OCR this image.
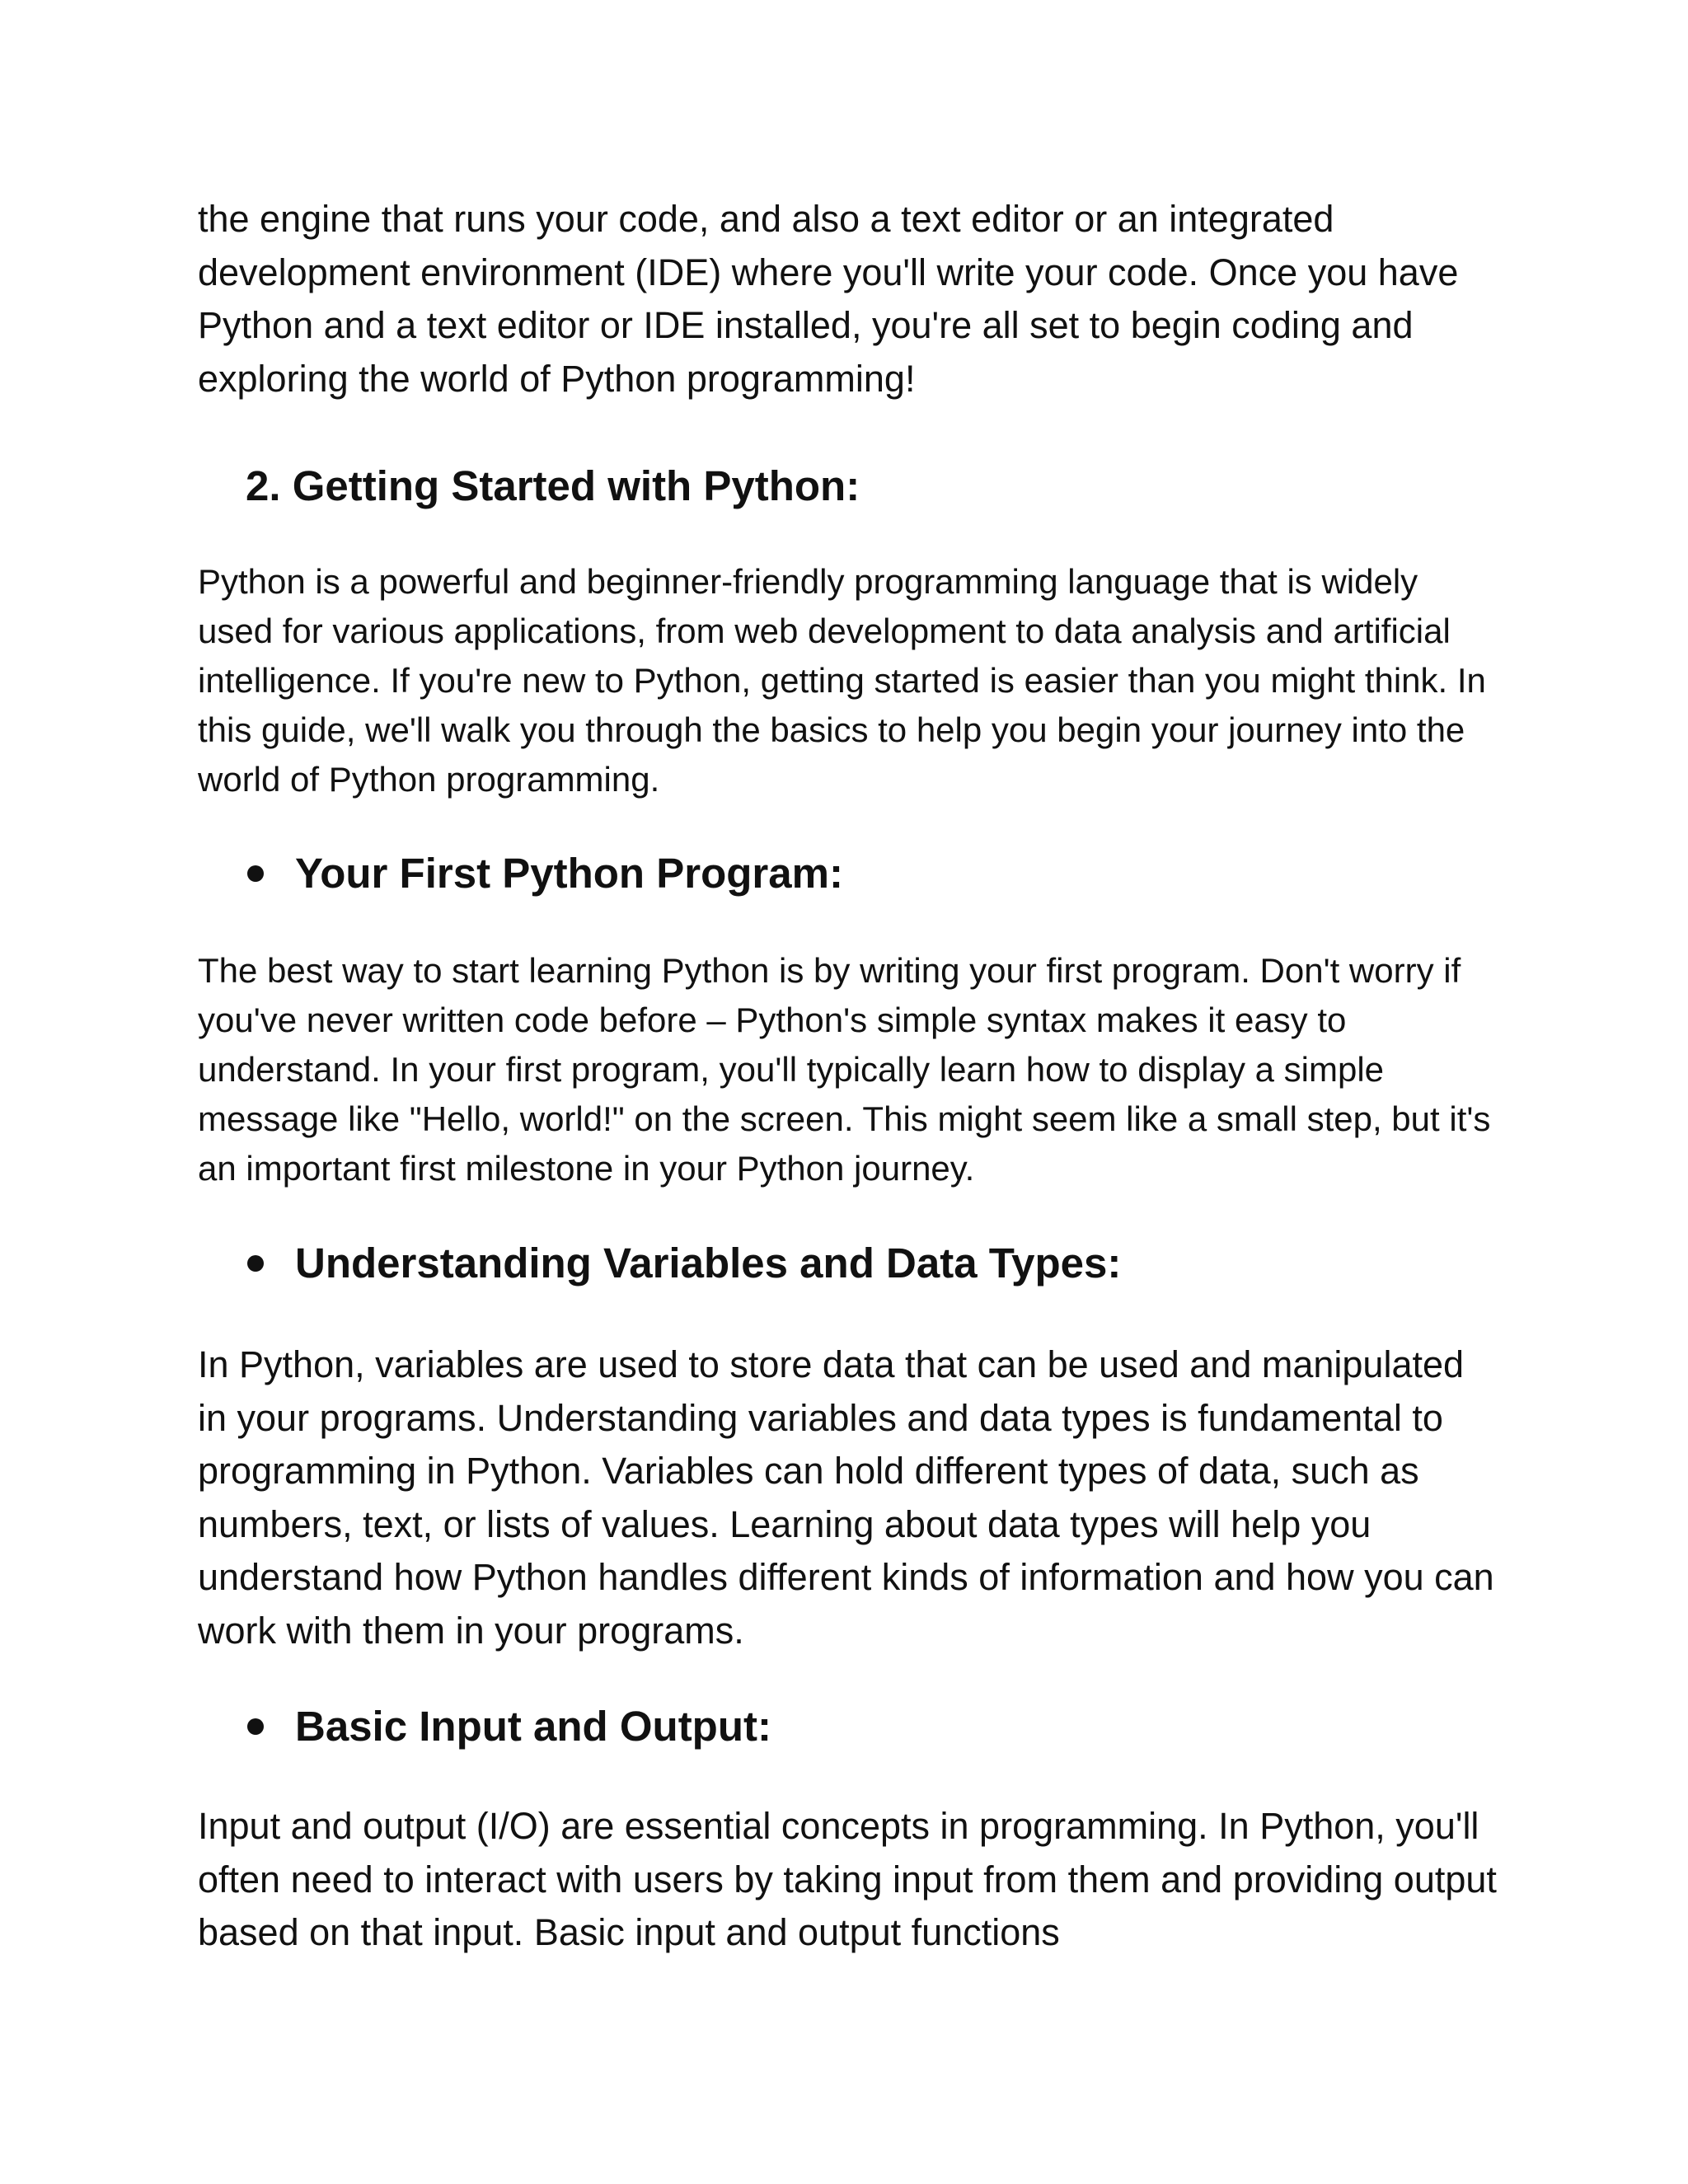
the engine that runs your code, and also a text editor or an integrated development environment (IDE) where you'll write your code. Once you have Python and a text editor or IDE installed, you're all set to begin coding and exploring the world of Python programming!

2. Getting Started with Python:

Python is a powerful and beginner-friendly programming language that is widely used for various applications, from web development to data analysis and artificial intelligence. If you're new to Python, getting started is easier than you might think. In this guide, we'll walk you through the basics to help you begin your journey into the world of Python programming.

Your First Python Program:

The best way to start learning Python is by writing your first program. Don't worry if you've never written code before – Python's simple syntax makes it easy to understand. In your first program, you'll typically learn how to display a simple message like "Hello, world!" on the screen. This might seem like a small step, but it's an important first milestone in your Python journey.

Understanding Variables and Data Types:

In Python, variables are used to store data that can be used and manipulated in your programs. Understanding variables and data types is fundamental to programming in Python. Variables can hold different types of data, such as numbers, text, or lists of values. Learning about data types will help you understand how Python handles different kinds of information and how you can work with them in your programs.

Basic Input and Output:

Input and output (I/O) are essential concepts in programming. In Python, you'll often need to interact with users by taking input from them and providing output based on that input. Basic input and output functions
